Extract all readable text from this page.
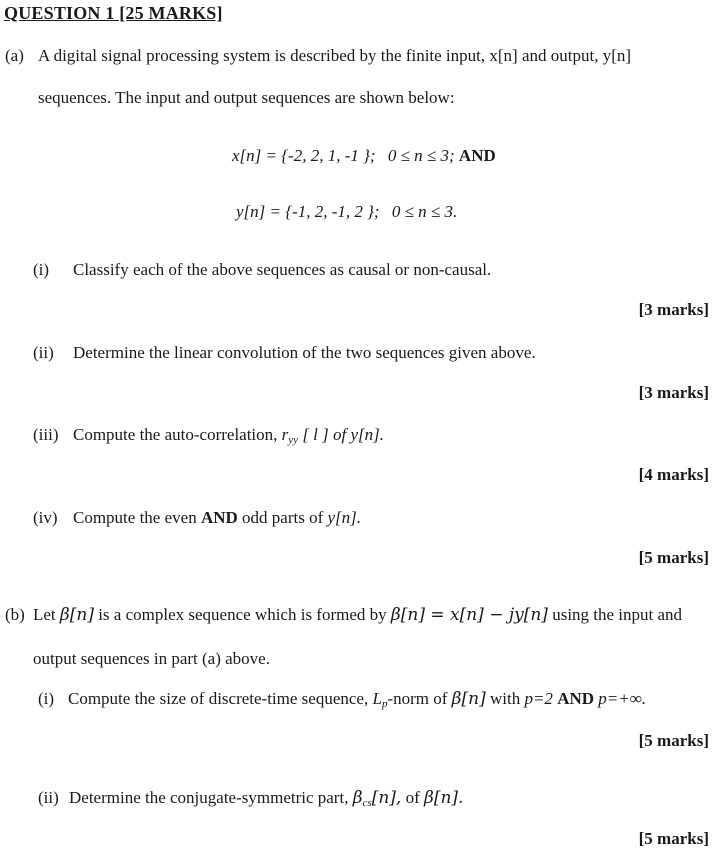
QUESTION 1 [25 MARKS]
(a) A digital signal processing system is described by the finite input, x[n] and output, y[n]
sequences. The input and output sequences are shown below:
x[n] = {-2, 2, 1, -1 }; 0 ≤ n ≤ 3; AND
y[n] = {-1, 2, -1, 2 }; 0 ≤ n ≤ 3.
(i) Classify each of the above sequences as causal or non-causal.
[3 marks]
(ii) Determine the linear convolution of the two sequences given above.
[3 marks]
(iii) Compute the auto-correlation, $r_{yy}$ [ l ] of y[n].
[4 marks]
(iv) Compute the even AND odd parts of y[n].
[5 marks]
(b) Let β[n] is a complex sequence which is formed by β[n] = x[n] − jy[n] using the input and
output sequences in part (a) above.
(i) Compute the size of discrete-time sequence, $L_p$-norm of β[n] with p=2 AND p=+∞.
[5 marks]
(ii) Determine the conjugate-symmetric part, $\beta_{cs}[n]$, of β[n].
[5 marks]
